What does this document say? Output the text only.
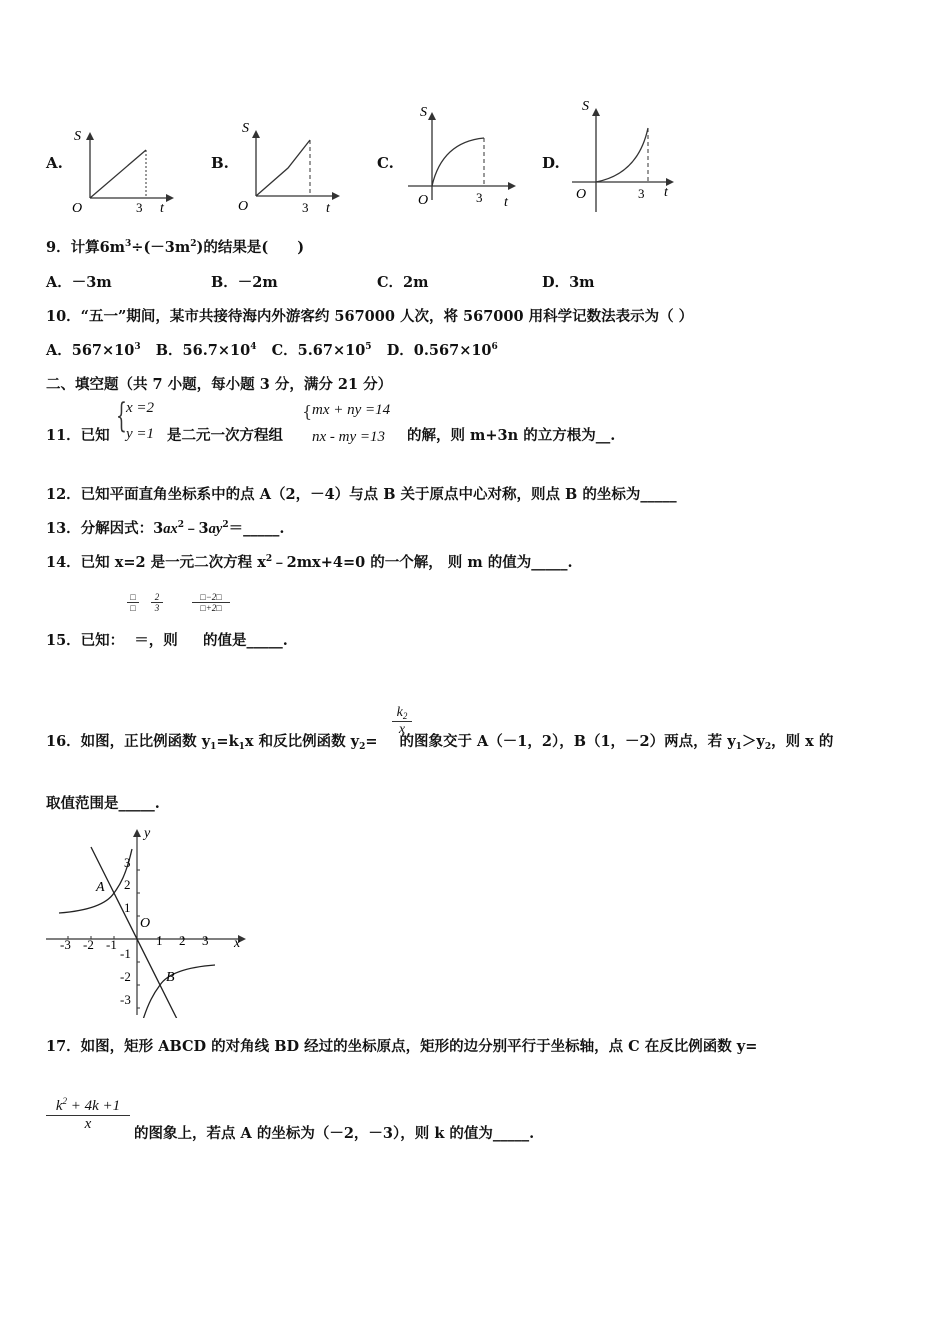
A.	B.	C.	D.
S
O	3 t
S
O	3 t
S
O	3 t
S
O	3 t
9．计算$6m^3\div(-3m^2)$的结果是(　　)
A．－3m	B．－2m	C．2m	D．3m
10．“五一”期间，某市共接待海内外游客约 567000 人次，将 567000 用科学记数法表示为（ ）
A．$567\times 10^3$ B．$56.7\times 10^4$ C．$5.67\times 10^5$ D．$0.567\times 10^6$
二、填空题（共 7 小题，每小题 3 分，满分 21 分）
11．已知 { x =2
y =1 是二元一次方程组
{ mx + ny =14
nx - my =13 的解，则 m+3n 的立方根为__.
12．已知平面直角坐标系中的点 A（2，－4）与点 B 关于原点中心对称，则点 B 的坐标为_____
13．分解因式：$3ax^2﹣3ay^2=\_\_\_\_\_$.
14．已知 x=2 是一元二次方程 $x^2﹣2mx+4=0$ 的一个解， 则 m 的值为_____.
□
□	$\frac{2}{3}$	$\frac{□-2□}{□+2□}$
15．已知：  ＝，则     的值是_____.
$\frac{k_2}{x}$
16．如图，正比例函数 $y_1=k_1x$ 和反比例函数 $y_2=$ 的图象交于 A（－1，2），B（1，－2）两点，若 $y_1>y_2$，则 x 的
取值范围是_____.
y
x
O
A
B
-3 -2 -1	1 2 3
3
2
1
-1
-2
-3
17．如图，矩形 ABCD 的对角线 BD 经过的坐标原点，矩形的边分别平行于坐标轴，点 C 在反比例函数 y=
$\frac{k^2 + 4k +1}{x}$
的图象上，若点 A 的坐标为（－2，－3），则 k 的值为_____.
